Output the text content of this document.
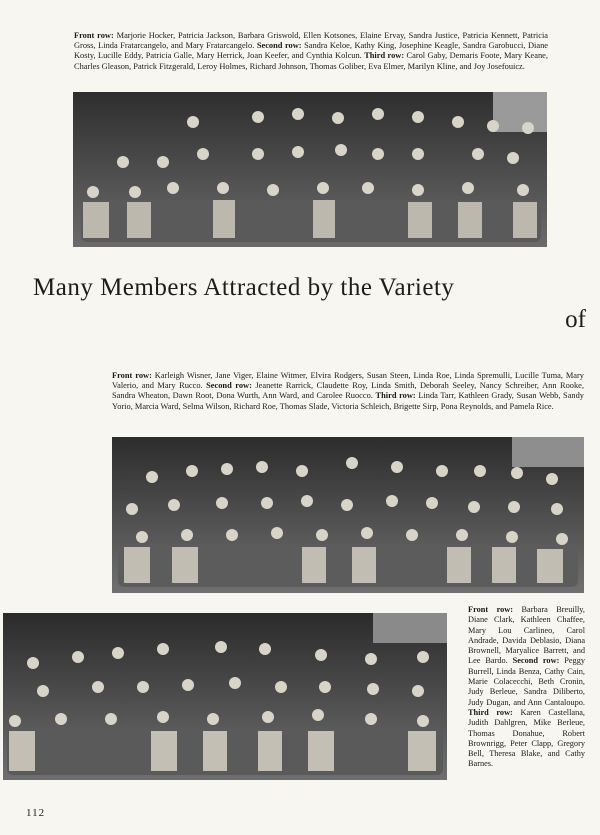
Front row: Marjorie Hocker, Patricia Jackson, Barbara Griswold, Ellen Kotsones, Elaine Ervay, Sandra Justice, Patricia Kennett, Patricia Gross, Linda Fratarcangelo, and Mary Fratarcangelo. Second row: Sandra Keloe, Kathy King, Josephine Keagle, Sandra Garobucci, Diane Kosty, Lucille Eddy, Patricia Galle, Mary Herrick, Joan Keefer, and Cynthia Kolcun. Third row: Carol Gaby, Demaris Foote, Mary Keane, Charles Gleason, Patrick Fitzgerald, Leroy Holmes, Richard Johnson, Thomas Goliber, Eva Elmer, Marilyn Kline, and Joy Josefouicz.
Many Members Attracted by the Variety
of
Front row: Karleigh Wisner, Jane Viger, Elaine Witmer, Elvira Rodgers, Susan Steen, Linda Roe, Linda Spremulli, Lucille Tuma, Mary Valerio, and Mary Rucco. Second row: Jeanette Rarrick, Claudette Roy, Linda Smith, Deborah Seeley, Nancy Schreiber, Ann Rooke, Sandra Wheaton, Dawn Root, Dona Wurth, Ann Ward, and Carolee Ruocco. Third row: Linda Tarr, Kathleen Grady, Susan Webb, Sandy Yorio, Marcia Ward, Selma Wilson, Richard Roe, Thomas Slade, Victoria Schleich, Brigette Sirp, Pona Reynolds, and Pamela Rice.
Front row: Barbara Breuilly, Diane Clark, Kathleen Chaffee, Mary Lou Carlineo, Carol Andrade, Davida Deblasio, Diana Brownell, Maryalice Barrett, and Lee Bardo. Second row: Peggy Burrell, Linda Benza, Cathy Cain, Marie Colacecchi, Beth Cronin, Judy Berleue, Sandra Diliberto, Judy Dugan, and Ann Cantaloupo. Third row: Karen Castellana, Judith Dahlgren, Mike Berleue, Thomas Donahue, Robert Brownrigg, Peter Clapp, Gregory Bell, Theresa Blake, and Cathy Barnes.
112
